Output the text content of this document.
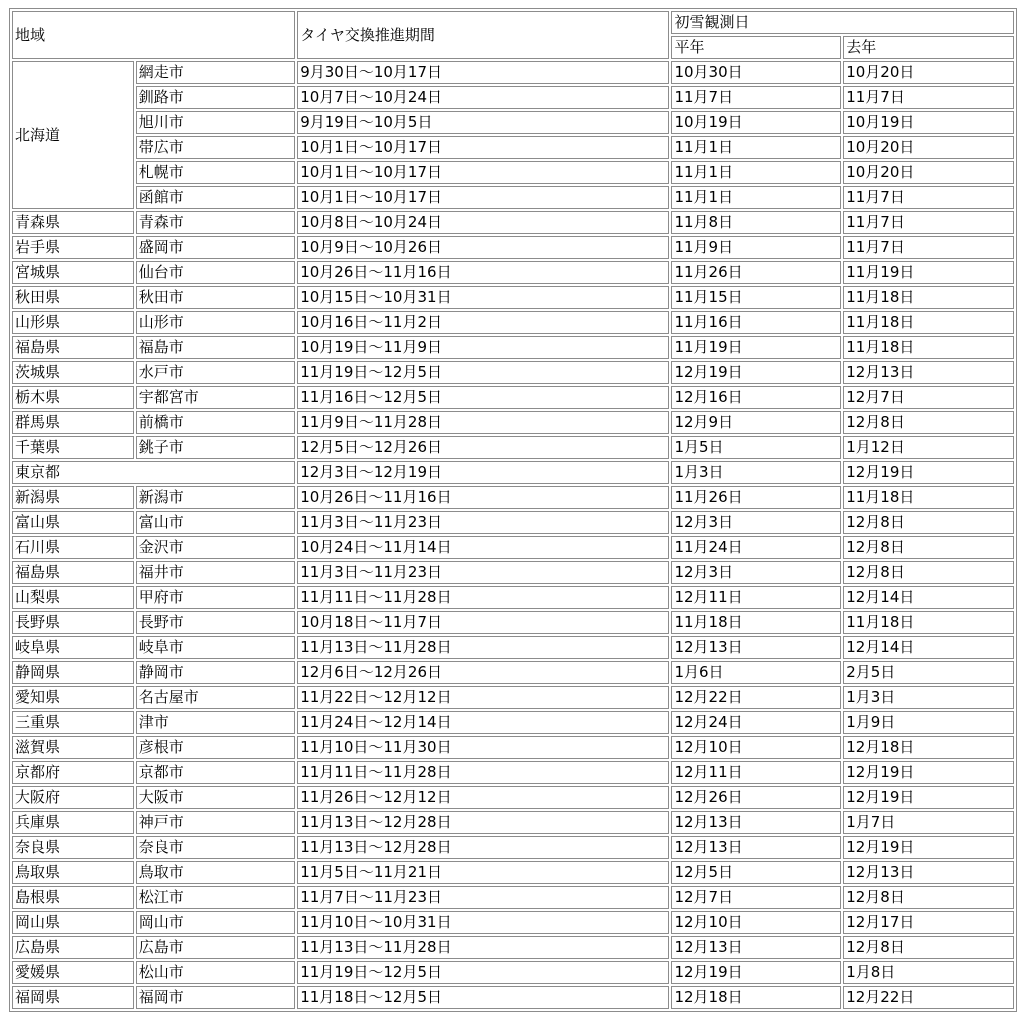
地域		タイヤ交換推進期間	初雪観測日	
			平年	去年
北海道	網走市	9月30日～10月17日	10月30日	10月20日
	釧路市	10月7日～10月24日	11月7日	11月7日
	旭川市	9月19日～10月5日	10月19日	10月19日
	帯広市	10月1日～10月17日	11月1日	10月20日
	札幌市	10月1日～10月17日	11月1日	10月20日
	函館市	10月1日～10月17日	11月1日	11月7日
青森県	青森市	10月8日～10月24日	11月8日	11月7日
岩手県	盛岡市	10月9日～10月26日	11月9日	11月7日
宮城県	仙台市	10月26日～11月16日	11月26日	11月19日
秋田県	秋田市	10月15日～10月31日	11月15日	11月18日
山形県	山形市	10月16日～11月2日	11月16日	11月18日
福島県	福島市	10月19日～11月9日	11月19日	11月18日
茨城県	水戸市	11月19日～12月5日	12月19日	12月13日
栃木県	宇都宮市	11月16日～12月5日	12月16日	12月7日
群馬県	前橋市	11月9日～11月28日	12月9日	12月8日
千葉県	銚子市	12月5日～12月26日	1月5日	1月12日
東京都		12月3日～12月19日	1月3日	12月19日
新潟県	新潟市	10月26日～11月16日	11月26日	11月18日
富山県	富山市	11月3日～11月23日	12月3日	12月8日
石川県	金沢市	10月24日～11月14日	11月24日	12月8日
福島県	福井市	11月3日～11月23日	12月3日	12月8日
山梨県	甲府市	11月11日～11月28日	12月11日	12月14日
長野県	長野市	10月18日～11月7日	11月18日	11月18日
岐阜県	岐阜市	11月13日～11月28日	12月13日	12月14日
静岡県	静岡市	12月6日～12月26日	1月6日	2月5日
愛知県	名古屋市	11月22日～12月12日	12月22日	1月3日
三重県	津市	11月24日～12月14日	12月24日	1月9日
滋賀県	彦根市	11月10日～11月30日	12月10日	12月18日
京都府	京都市	11月11日～11月28日	12月11日	12月19日
大阪府	大阪市	11月26日～12月12日	12月26日	12月19日
兵庫県	神戸市	11月13日～12月28日	12月13日	1月7日
奈良県	奈良市	11月13日～12月28日	12月13日	12月19日
鳥取県	鳥取市	11月5日～11月21日	12月5日	12月13日
島根県	松江市	11月7日～11月23日	12月7日	12月8日
岡山県	岡山市	11月10日～10月31日	12月10日	12月17日
広島県	広島市	11月13日～11月28日	12月13日	12月8日
愛媛県	松山市	11月19日～12月5日	12月19日	1月8日
福岡県	福岡市	11月18日～12月5日	12月18日	12月22日
